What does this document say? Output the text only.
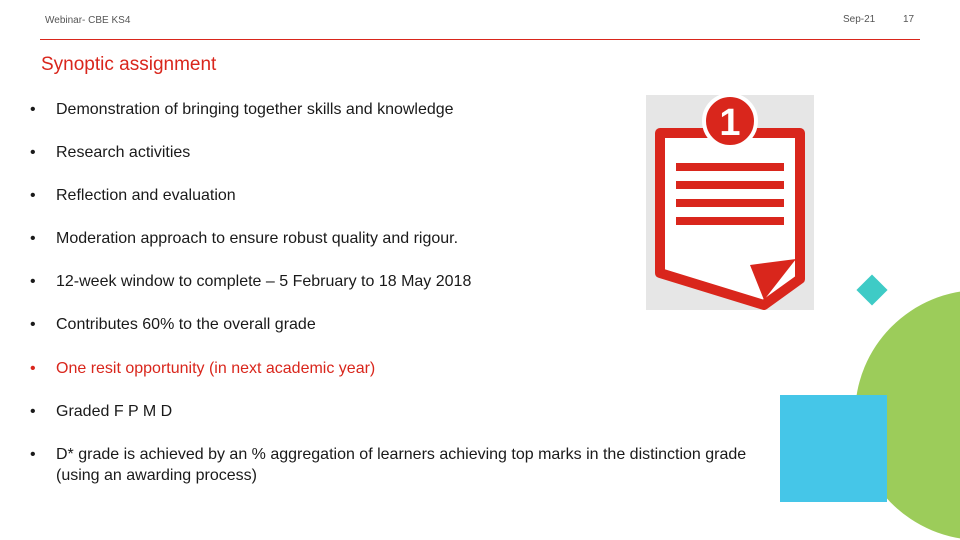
Webinar- CBE KS4	Sep-21	17
Synoptic assignment
• Demonstration of bringing together skills and knowledge
• Research activities
• Reflection and evaluation
• Moderation approach to ensure robust quality and rigour.
• 12-week window to complete – 5 February to 18 May 2018
• Contributes 60% to the overall grade
• One resit opportunity (in next academic year)
• Graded F P M D
• D* grade is achieved by an % aggregation of learners achieving top marks in the distinction grade (using an awarding process)
1
